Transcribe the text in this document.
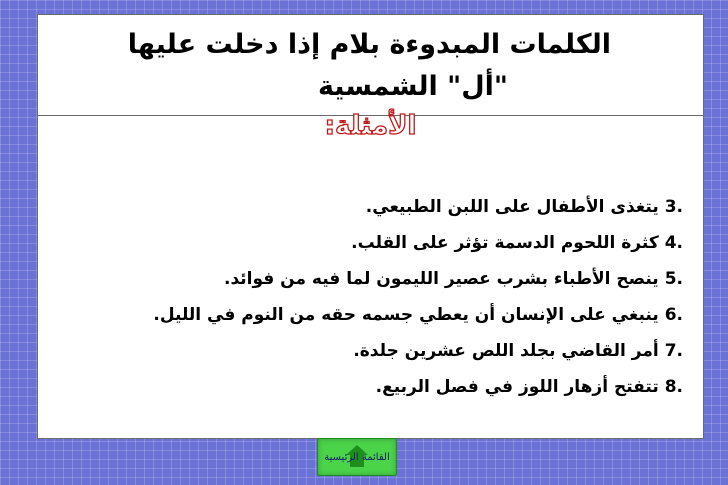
الكلمات المبدوءة بلام إذا دخلت عليها
"أل" الشمسية
الأمثلة:
3.يتغذى الأطفال على اللبن الطبيعي.
4.كثرة اللحوم الدسمة تؤثر على القلب.
5.ينصح الأطباء بشرب عصير الليمون لما فيه من فوائد.
6.ينبغي على الإنسان أن يعطي جسمه حقه من النوم في الليل.
7.أمر القاضي بجلد اللص عشرين جلدة.
8.تتفتح أزهار اللوز في فصل الربيع.
القائمة الرئيسية
